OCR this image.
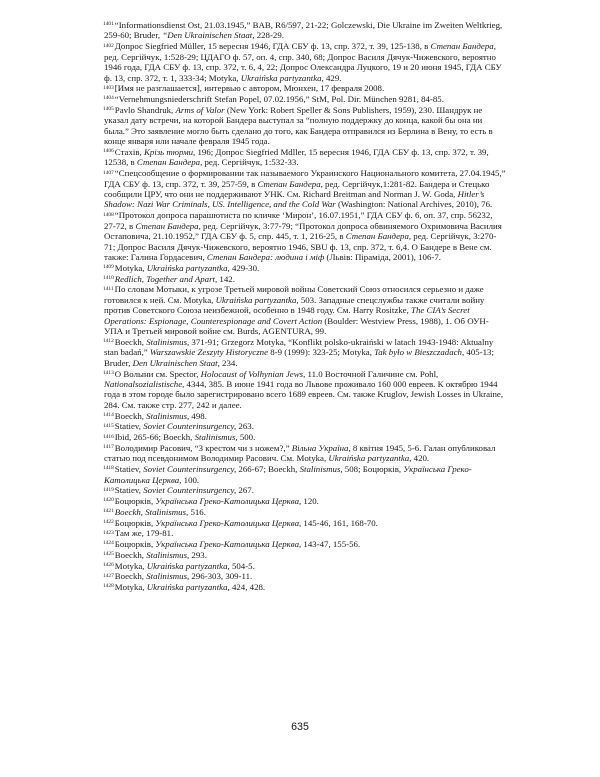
$^{1401}$“Informationsdienst Ost, 21.03.1945,” BAB, R6/597, 21-22; Golczewski, Die Ukraine im Zweiten Weltkrieg, 259-60; Bruder, “Den Ukrainischen Staat, 228-29.

$^{1402}$Допрос Siegfried Müller, 15 вересня 1946, ГДА СБУ ф. 13, спр. 372, т. 39, 125-138, в Степан Бандера, ред. Сергійчук, 1:528-29; ЦДАГО ф. 57, оп. 4, спр. 340, 68; Допрос Василя Дячук-Чижевского, вероятно 1946 года, ГДА СБУ ф. 13, спр. 372, т. 6, 4, 22; Допрос Олександра Луцкого, 19 и 20 июня 1945, ГДА СБУ ф. 13, спр. 372, т. 1, 333-34; Motyka, Ukraińska partyzantka, 429.

$^{1403}$[Имя не разглашается], интервью с автором, Мюнхен, 17 февраля 2008.

$^{1404}$“Vernehmungsniederschrift Stefan Popel, 07.02.1956,” StM, Pol. Dir. München 9281, 84-85.

$^{1405}$Pavlo Shandruk, Arms of Valor (New York: Robert Speller & Sons Publishers, 1959), 230. Шандрук не указал дату встречи, на которой Бандера выступал за “полную поддержку до конца, какой бы она ни была.” Это заявление могло быть сделано до того, как Бандера отправился из Берлина в Вену, то есть в конце января или начале февраля 1945 года.

$^{1406}$Стахів, Крізь тюрми, 196; Допрос Siegfried Mdller, 15 вересня 1946, ГДА СБУ ф. 13, спр. 372, т. 39, 12538, в Степан Бандера, ред. Сергійчук, 1:532-33.

$^{1407}$“Спецсообщение о формировании так называемого Украинского Национального комитета, 27.04.1945,” ГДА СБУ ф. 13, спр. 372, т. 39, 257-59, в Степан Бандера, ред. Сергійчук,1:281-82. Бандера и Стецько сообщили ЦРУ, что они не поддерживают УНК. См. Richard Breitman and Norman J. W. Goda, Hitler’s Shadow: Nazi War Criminals, US. Intelligence, and the Cold War (Washington: National Archives, 2010), 76.

$^{1408}$“Протокол допроса парашютиста по кличке ‘Мирон’, 16.07.1951,” ГДА СБУ ф. 6, оп. 37, спр. 56232, 27-72, в Степан Бандера, ред. Сергійчук, 3:77-79; “Протокол допроса обвиняемого Охримовича Василия Остаповича, 21.10.1952,” ГДА СБУ ф. 5, спр. 445, т. 1, 216-25, в Степан Бандера, ред. Сергійчук, 3:270-71; Допрос Василя Дячук-Чижевского, вероятно 1946, SBU ф. 13, спр. 372, т. 6,4. О Бандере в Вене см. также: Галина Гордасевич, Степан Бандера: людина і міф (Львів: Піраміда, 2001), 106-7.

$^{1409}$Motyka, Ukraińska partyzantka, 429-30.

$^{1410}$Redlich, Together and Apart, 142.

$^{1411}$По словам Мотыки, к угрозе Третьей мировой войны Советский Союз относился серьезно и даже готовился к ней. См. Motyka, Ukraińska partyzantka, 503. Западные спецслужбы также считали войну против Советского Союза неизбежной, особенно в 1948 году. См. Harry Rositzke, The CIA’s Secret Operations: Espionage, Counterespionage and Covert Action (Boulder: Westview Press, 1988), 1. Об ОУН-УПА и Третьей мировой войне см. Burds, AGENTURA, 99.

$^{1412}$Boeckh, Stalinismus, 371-91; Grzegorz Motyka, “Konflikt polsko-ukraiński w latach 1943-1948: Aktualny stan badań,” Warszawskie Zeszyty Historyczne 8-9 (1999): 323-25; Motyka, Tak było w Bieszczadach, 405-13; Bruder, Den Ukrainischen Staat, 234.

$^{1413}$О Волыни см. Spector, Holocaust of Volhynian Jews, 11.0 Восточной Галичине см. Pohl, Nationalsozialistische, 4344, 385. В июне 1941 года во Львове проживало 160 000 евреев. К октябрю 1944 года в этом городе было зарегистрировано всего 1689 евреев. См. также Kruglov, Jewish Losses in Ukraine, 284. См. также стр. 277, 242 и далее.

$^{1414}$Boeckh, Stalinismus, 498.

$^{1415}$Statiev, Soviet Counterinsurgency, 263.

$^{1416}$Ibid, 265-66; Boeckh, Stalinismus, 500.

$^{1417}$Володимир Расович, “З крестом чи з ножем?,” Вільна Україна, 8 квітня 1945, 5-6. Галан опубликовал статью под псевдонимом Володимир Расович. См. Motyka, Ukraińska partyzantka, 420.

$^{1418}$Statiev, Soviet Counterinsurgency, 266-67; Boeckh, Stalinismus, 508; Боцюрків, Українська Греко-Католицька Церква, 100.

$^{1419}$Statiev, Soviet Counterinsurgency, 267.

$^{1420}$Боцюрків, Українська Греко-Католицька Церква, 120.

$^{1421}$Boeckh, Stalinismus, 516.

$^{1422}$Боцюрків, Українська Греко-Католицька Церква, 145-46, 161, 168-70.

$^{1423}$Там же, 179-81.

$^{1424}$Боцюрків, Українська Греко-Католицька Церква, 143-47, 155-56.

$^{1425}$Boeckh, Stalinismus, 293.

$^{1426}$Motyka, Ukraińska partyzantka, 504-5.

$^{1427}$Boeckh, Stalinismus, 296-303, 309-11.

$^{1428}$Motyka, Ukraińska partyzantka, 424, 428.

635
